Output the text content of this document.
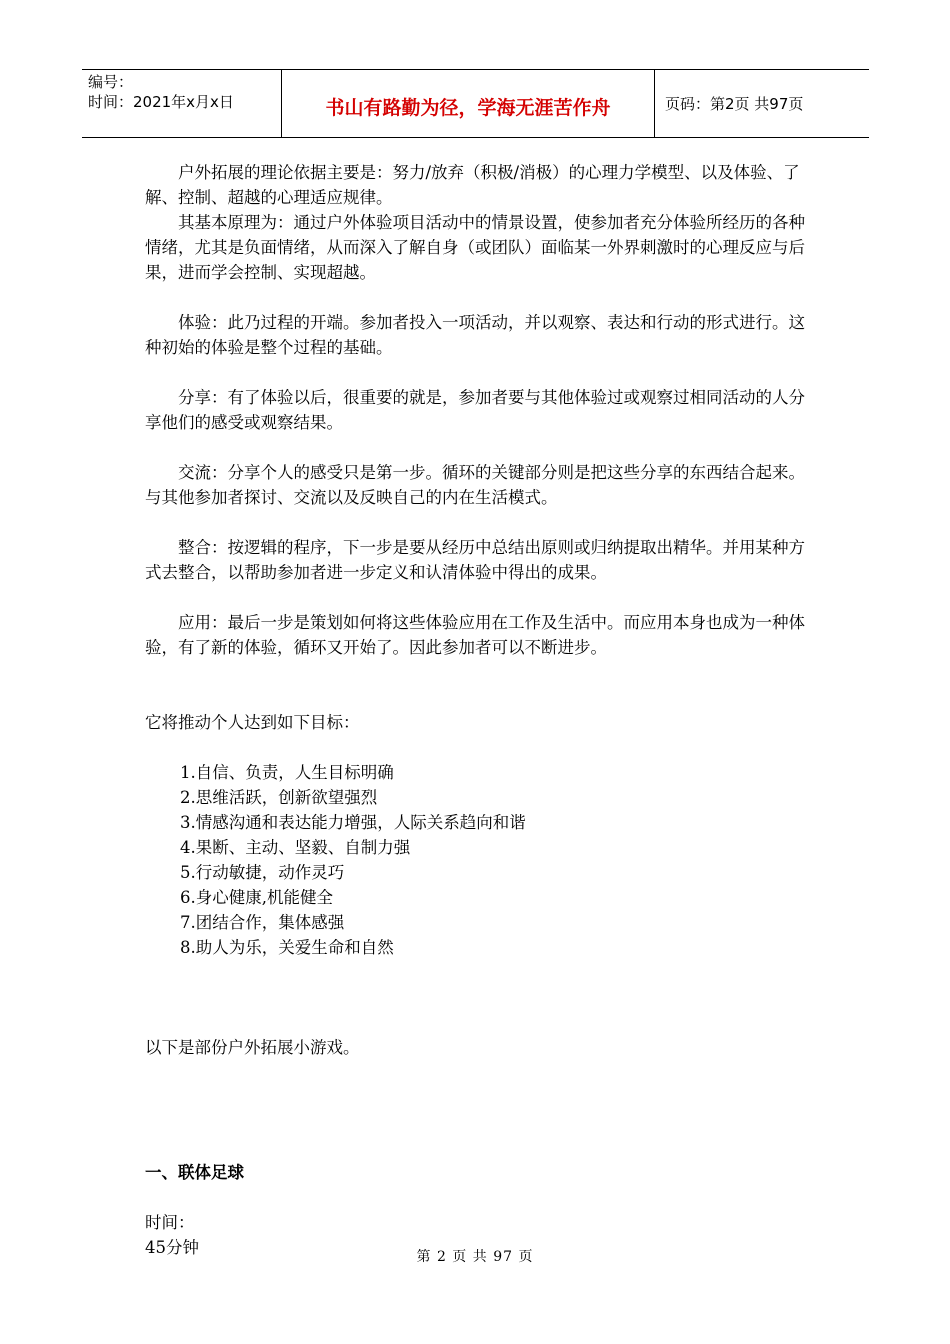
编号：
时间：2021年x月x日	书山有路勤为径，学海无涯苦作舟	页码：第2页 共97页

户外拓展的理论依据主要是：努力/放弃（积极/消极）的心理力学模型、以及体验、了解、控制、超越的心理适应规律。

其基本原理为：通过户外体验项目活动中的情景设置，使参加者充分体验所经历的各种情绪，尤其是负面情绪，从而深入了解自身（或团队）面临某一外界刺激时的心理反应与后果，进而学会控制、实现超越。

体验：此乃过程的开端。参加者投入一项活动，并以观察、表达和行动的形式进行。这种初始的体验是整个过程的基础。

分享：有了体验以后，很重要的就是，参加者要与其他体验过或观察过相同活动的人分享他们的感受或观察结果。

交流：分享个人的感受只是第一步。循环的关键部分则是把这些分享的东西结合起来。与其他参加者探讨、交流以及反映自己的内在生活模式。

整合：按逻辑的程序，下一步是要从经历中总结出原则或归纳提取出精华。并用某种方式去整合，以帮助参加者进一步定义和认清体验中得出的成果。

应用：最后一步是策划如何将这些体验应用在工作及生活中。而应用本身也成为一种体验，有了新的体验，循环又开始了。因此参加者可以不断进步。

它将推动个人达到如下目标：

1.自信、负责，人生目标明确
2.思维活跃，创新欲望强烈
3.情感沟通和表达能力增强，人际关系趋向和谐
4.果断、主动、坚毅、自制力强
5.行动敏捷，动作灵巧
6.身心健康,机能健全
7.团结合作，集体感强
8.助人为乐，关爱生命和自然

以下是部份户外拓展小游戏。

一、联体足球

时间：

45分钟	第 2 页 共 97 页
